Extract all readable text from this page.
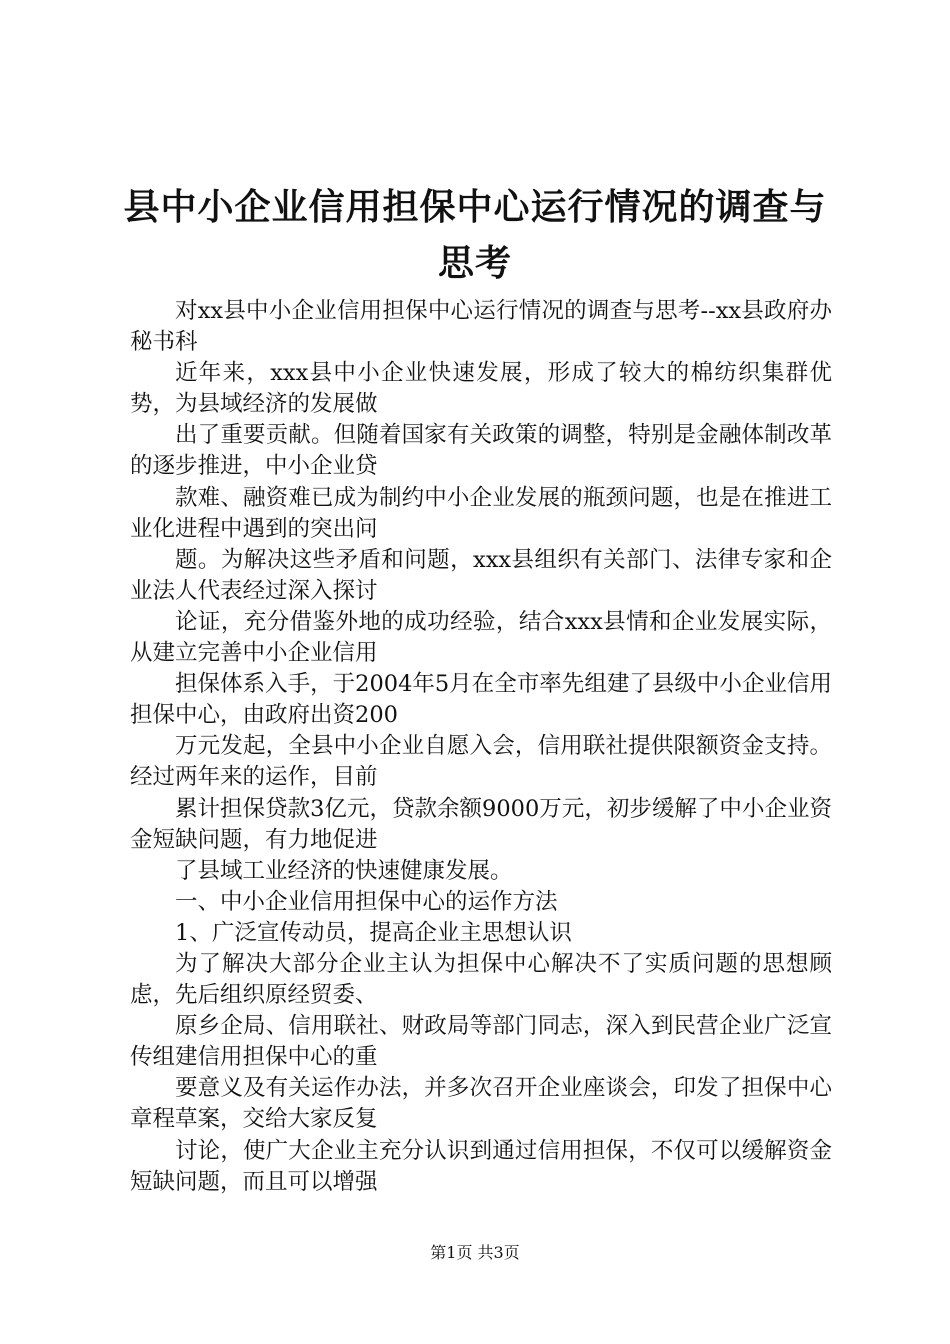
县中小企业信用担保中心运行情况的调查与思考

对xx县中小企业信用担保中心运行情况的调查与思考--xx县政府办秘书科

近年来，xxx县中小企业快速发展，形成了较大的棉纺织集群优势，为县域经济的发展做

出了重要贡献。但随着国家有关政策的调整，特别是金融体制改革的逐步推进，中小企业贷

款难、融资难已成为制约中小企业发展的瓶颈问题，也是在推进工业化进程中遇到的突出问

题。为解决这些矛盾和问题，xxx县组织有关部门、法律专家和企业法人代表经过深入探讨

论证，充分借鉴外地的成功经验，结合xxx县情和企业发展实际，从建立完善中小企业信用

担保体系入手，于2004年5月在全市率先组建了县级中小企业信用担保中心，由政府出资200

万元发起，全县中小企业自愿入会，信用联社提供限额资金支持。经过两年来的运作，目前

累计担保贷款3亿元，贷款余额9000万元，初步缓解了中小企业资金短缺问题，有力地促进

了县域工业经济的快速健康发展。

一、中小企业信用担保中心的运作方法

1、广泛宣传动员，提高企业主思想认识

为了解决大部分企业主认为担保中心解决不了实质问题的思想顾虑，先后组织原经贸委、

原乡企局、信用联社、财政局等部门同志，深入到民营企业广泛宣传组建信用担保中心的重

要意义及有关运作办法，并多次召开企业座谈会，印发了担保中心章程草案，交给大家反复

讨论，使广大企业主充分认识到通过信用担保，不仅可以缓解资金短缺问题，而且可以增强

第1页 共3页
